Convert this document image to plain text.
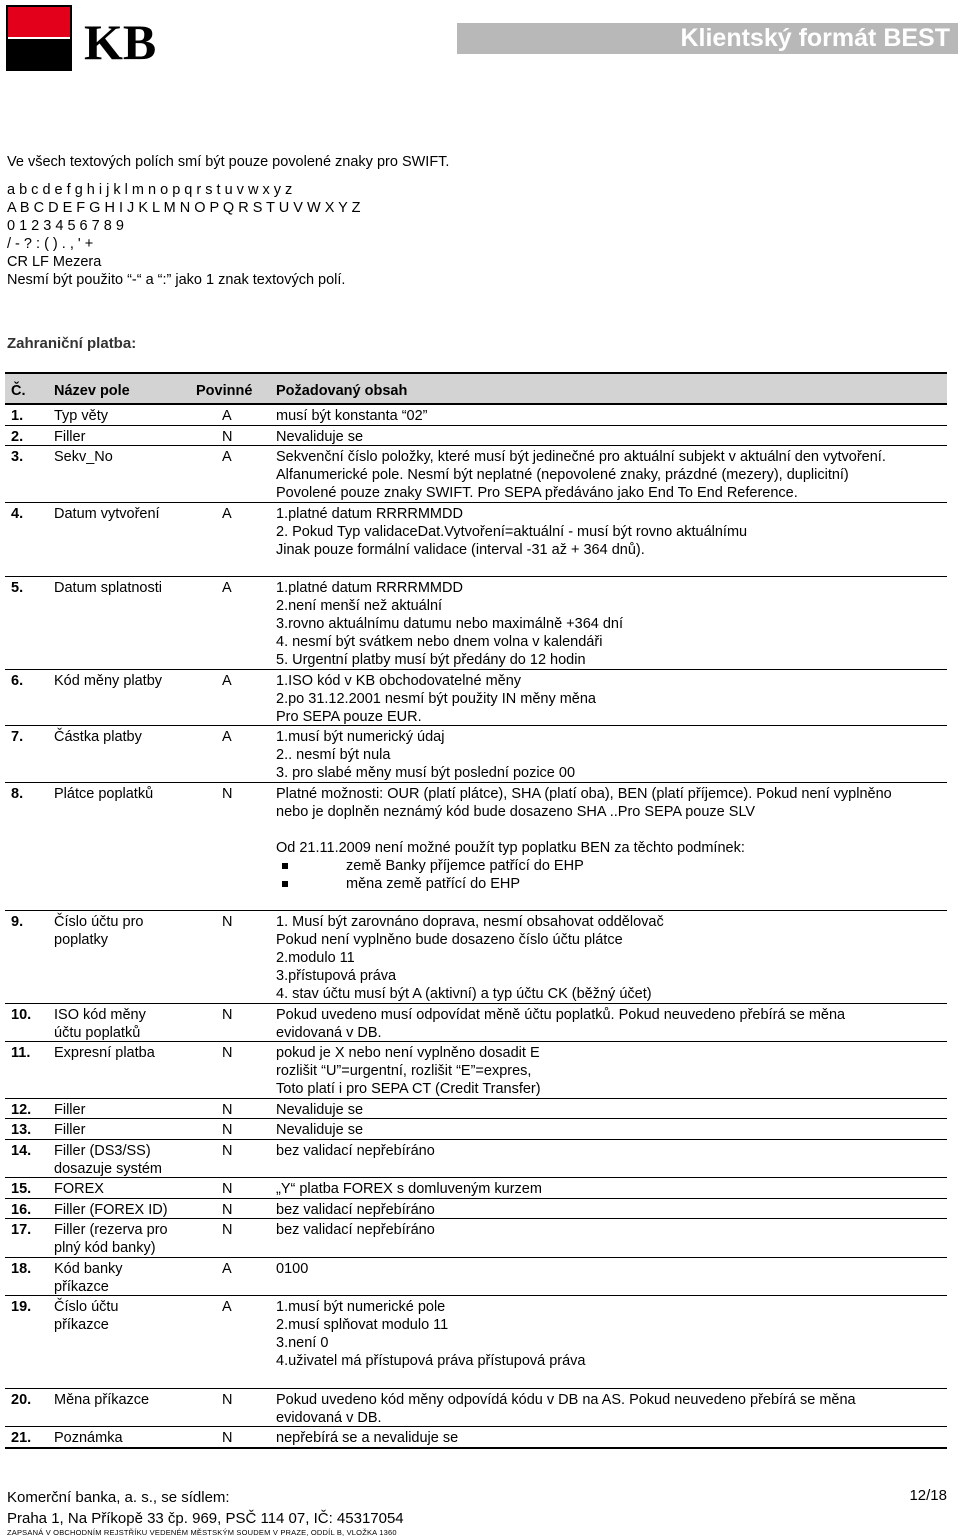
KB	Klientský formát BEST
Ve všech textových polích smí být pouze povolené znaky pro SWIFT.
a b c d e f g h i j k l m n o p q r s t u v w x y z
A B C D E F G H I J K L M N O P Q R S T U V W X Y Z
0 1 2 3 4 5 6 7 8 9
/ - ? : ( ) . , ' +
CR LF Mezera
Nesmí být použito “-“ a “:” jako 1 znak textových polí.
Zahraniční platba:
Č.	Název pole	Povinné Požadovaný obsah
1.	Typ věty	A	musí být konstanta “02”
2.	Filler	N	Nevaliduje se
3.	Sekv_No	A	Sekvenční číslo položky, které musí být jedinečné pro aktuální subjekt v aktuální den vytvoření.
Alfanumerické pole. Nesmí být neplatné (nepovolené znaky, prázdné (mezery), duplicitní)
Povolené pouze znaky SWIFT. Pro SEPA předáváno jako End To End Reference.
4.	Datum vytvoření	A	1.platné datum RRRRMMDD
2. Pokud Typ validaceDat.Vytvoření=aktuální - musí být rovno aktuálnímu
Jinak pouze formální validace (interval -31 až + 364 dnů).
5.	Datum splatnosti	A	1.platné datum RRRRMMDD
2.není menší než aktuální
3.rovno aktuálnímu datumu nebo maximálně +364 dní
4. nesmí být svátkem nebo dnem volna v kalendáři
5. Urgentní platby musí být předány do 12 hodin
6.	Kód měny platby	A	1.ISO kód v KB obchodovatelné měny
2.po 31.12.2001 nesmí být použity IN měny měna
Pro SEPA pouze EUR.
7.	Částka platby	A	1.musí být numerický údaj
2.. nesmí být nula
3. pro slabé měny musí být poslední pozice 00
8.	Plátce poplatků	N	Platné možnosti: OUR (platí plátce), SHA (platí oba), BEN (platí příjemce). Pokud není vyplněno
nebo je doplněn neznámý kód bude dosazeno SHA ..Pro SEPA pouze SLV
Od 21.11.2009 není možné použít typ poplatku BEN za těchto podmínek:
země Banky příjemce patřící do EHP
měna země patřící do EHP
9.	Číslo účtu pro
poplatky
N	1. Musí být zarovnáno doprava, nesmí obsahovat oddělovač
Pokud není vyplněno bude dosazeno číslo účtu plátce
2.modulo 11
3.přístupová práva
4. stav účtu musí být A (aktivní) a typ účtu CK (běžný účet)
10.	ISO kód měny
účtu poplatků
N	Pokud uvedeno musí odpovídat měně účtu poplatků. Pokud neuvedeno přebírá se měna
evidovaná v DB.
11.	Expresní platba	N	pokud je X nebo není vyplněno dosadit E
rozlišit “U”=urgentní, rozlišit “E”=expres,
Toto platí i pro SEPA CT (Credit Transfer)
12.	Filler	N	Nevaliduje se
13.	Filler	N	Nevaliduje se
14.	Filler (DS3/SS)
dosazuje systém
N	bez validací nepřebíráno
15.	FOREX	N	„Y“ platba FOREX s domluveným kurzem
16.	Filler (FOREX ID)	N	bez validací nepřebíráno
17.	Filler (rezerva pro
plný kód banky)
N	bez validací nepřebíráno
18.	Kód banky
příkazce
A	0100
19.	Číslo účtu
příkazce
A	1.musí být numerické pole
2.musí splňovat modulo 11
3.není 0
4.uživatel má přístupová práva přístupová práva
20.	Měna příkazce	N	Pokud uvedeno kód měny odpovídá kódu v DB na AS. Pokud neuvedeno přebírá se měna
evidovaná v DB.
21.	Poznámka	N	nepřebírá se a nevaliduje se
Komerční banka, a. s., se sídlem:
Praha 1, Na Příkopě 33 čp. 969, PSČ 114 07, IČ: 45317054
12/18
ZAPSANÁ V OBCHODNÍM REJSTŘÍKU VEDENÉM MĚSTSKÝM SOUDEM V PRAZE, ODDÍL B, VLOŽKA 1360
